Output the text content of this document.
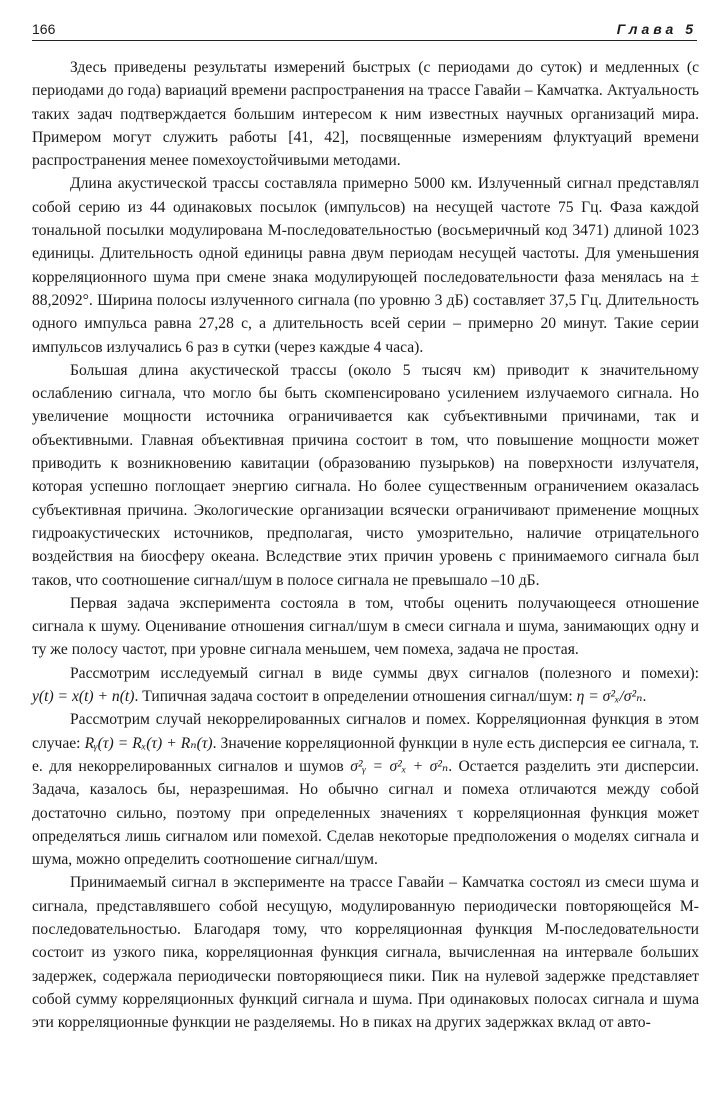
166	Глава 5

Здесь приведены результаты измерений быстрых (с периодами до суток) и медленных (с периодами до года) вариаций времени распространения на трассе Гавайи – Камчатка. Актуальность таких задач подтверждается большим интересом к ним известных научных организаций мира. Примером могут служить работы [41, 42], посвященные измерениям флуктуаций времени распространения менее помехоустойчивыми методами.

Длина акустической трассы составляла примерно 5000 км. Излученный сигнал представлял собой серию из 44 одинаковых посылок (импульсов) на несущей частоте 75 Гц. Фаза каждой тональной посылки модулирована М-последовательностью (восьмеричный код 3471) длиной 1023 единицы. Длительность одной единицы равна двум периодам несущей частоты. Для уменьшения корреляционного шума при смене знака модулирующей последовательности фаза менялась на ± 88,2092°. Ширина полосы излученного сигнала (по уровню 3 дБ) составляет 37,5 Гц. Длительность одного импульса равна 27,28 с, а длительность всей серии – примерно 20 минут. Такие серии импульсов излучались 6 раз в сутки (через каждые 4 часа).

Большая длина акустической трассы (около 5 тысяч км) приводит к значительному ослаблению сигнала, что могло бы быть скомпенсировано усилением излучаемого сигнала. Но увеличение мощности источника ограничивается как субъективными причинами, так и объективными. Главная объективная причина состоит в том, что повышение мощности может приводить к возникновению кавитации (образованию пузырьков) на поверхности излучателя, которая успешно поглощает энергию сигнала. Но более существенным ограничением оказалась субъективная причина. Экологические организации всячески ограничивают применение мощных гидроакустических источников, предполагая, чисто умозрительно, наличие отрицательного воздействия на биосферу океана. Вследствие этих причин уровень с принимаемого сигнала был таков, что соотношение сигнал/шум в полосе сигнала не превышало –10 дБ.

Первая задача эксперимента состояла в том, чтобы оценить получающееся отношение сигнала к шуму. Оценивание отношения сигнал/шум в смеси сигнала и шума, занимающих одну и ту же полосу частот, при уровне сигнала меньшем, чем помеха, задача не простая.

Рассмотрим исследуемый сигнал в виде суммы двух сигналов (полезного и помехи): y(t) = x(t) + n(t). Типичная задача состоит в определении отношения сигнал/шум: η = σ²ₓ/σ²ₙ.

Рассмотрим случай некоррелированных сигналов и помех. Корреляционная функция в этом случае: Rᵧ(τ) = Rₓ(τ) + Rₙ(τ). Значение корреляционной функции в нуле есть дисперсия ее сигнала, т. е. для некоррелированных сигналов и шумов σ²ᵧ = σ²ₓ + σ²ₙ. Остается разделить эти дисперсии. Задача, казалось бы, неразрешимая. Но обычно сигнал и помеха отличаются между собой достаточно сильно, поэтому при определенных значениях τ корреляционная функция может определяться лишь сигналом или помехой. Сделав некоторые предположения о моделях сигнала и шума, можно определить соотношение сигнал/шум.

Принимаемый сигнал в эксперименте на трассе Гавайи – Камчатка состоял из смеси шума и сигнала, представлявшего собой несущую, модулированную периодически повторяющейся М-последовательностью. Благодаря тому, что корреляционная функция М-последовательности состоит из узкого пика, корреляционная функция сигнала, вычисленная на интервале больших задержек, содержала периодически повторяющиеся пики. Пик на нулевой задержке представляет собой сумму корреляционных функций сигнала и шума. При одинаковых полосах сигнала и шума эти корреляционные функции не разделяемы. Но в пиках на других задержках вклад от авто-
